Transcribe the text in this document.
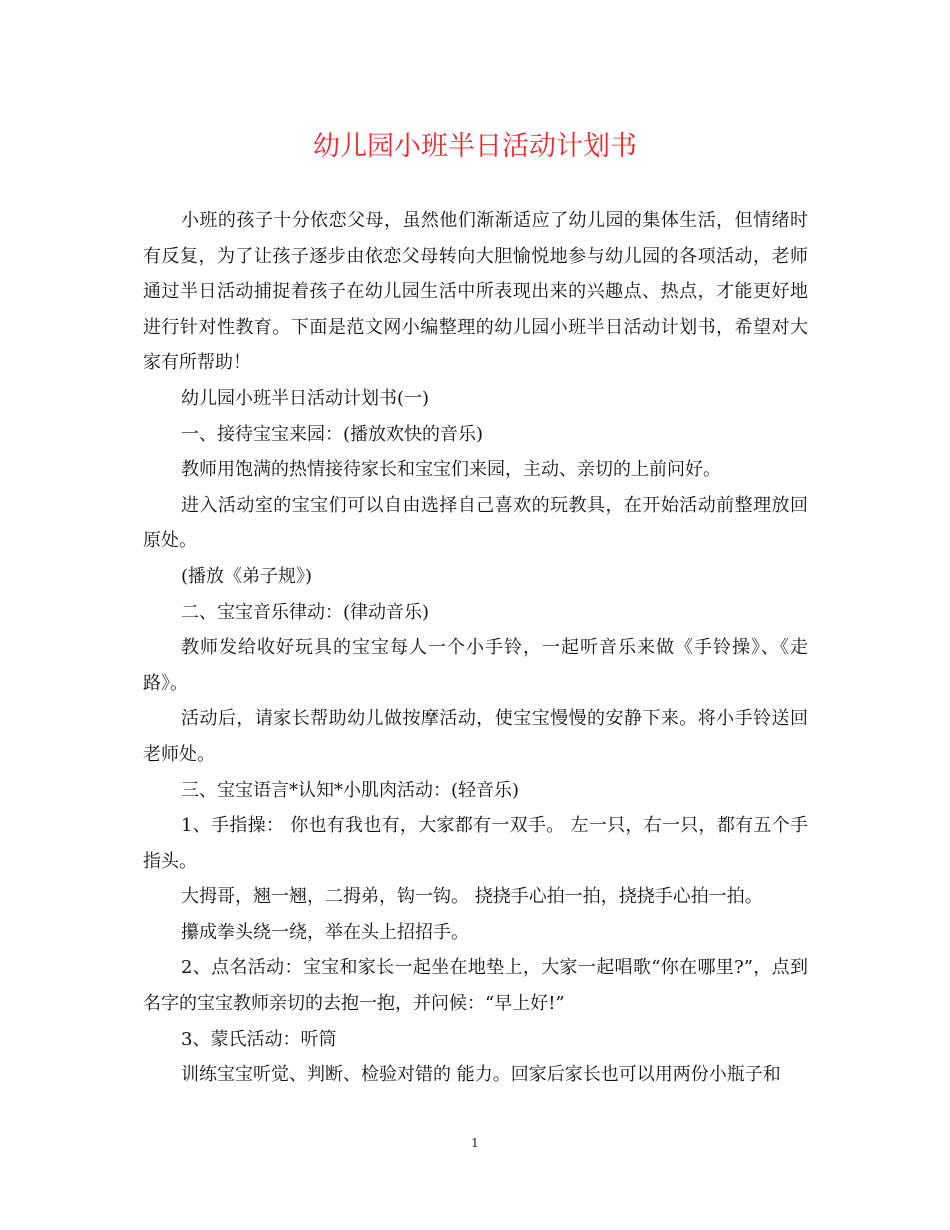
幼儿园小班半日活动计划书

小班的孩子十分依恋父母，虽然他们渐渐适应了幼儿园的集体生活，但情绪时有反复，为了让孩子逐步由依恋父母转向大胆愉悦地参与幼儿园的各项活动，老师通过半日活动捕捉着孩子在幼儿园生活中所表现出来的兴趣点、热点，才能更好地进行针对性教育。下面是范文网小编整理的幼儿园小班半日活动计划书，希望对大家有所帮助！

幼儿园小班半日活动计划书(一)

一、接待宝宝来园：(播放欢快的音乐)

教师用饱满的热情接待家长和宝宝们来园，主动、亲切的上前问好。

进入活动室的宝宝们可以自由选择自己喜欢的玩教具，在开始活动前整理放回原处。

(播放《弟子规》)

二、宝宝音乐律动：(律动音乐)

教师发给收好玩具的宝宝每人一个小手铃，一起听音乐来做《手铃操》、《走路》。

活动后，请家长帮助幼儿做按摩活动，使宝宝慢慢的安静下来。将小手铃送回老师处。

三、宝宝语言*认知*小肌肉活动：(轻音乐)

1、手指操： 你也有我也有，大家都有一双手。 左一只，右一只，都有五个手指头。

大拇哥，翘一翘，二拇弟，钩一钩。 挠挠手心拍一拍，挠挠手心拍一拍。

攥成拳头绕一绕，举在头上招招手。

2、点名活动：宝宝和家长一起坐在地垫上，大家一起唱歌“你在哪里?”，点到名字的宝宝教师亲切的去抱一抱，并问候：“早上好!”

3、蒙氏活动：听筒

训练宝宝听觉、判断、检验对错的 能力。回家后家长也可以用两份小瓶子和

1
